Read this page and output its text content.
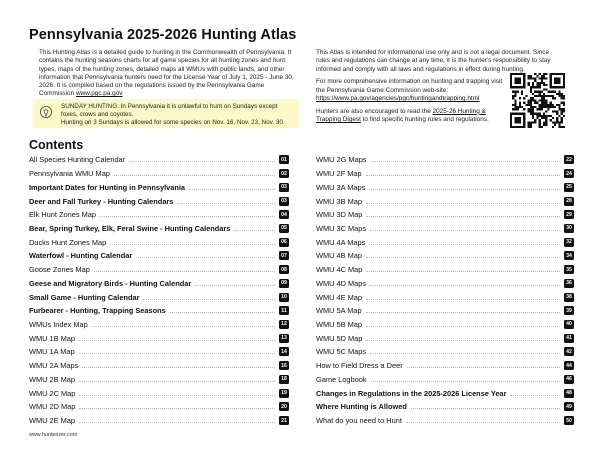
Pennsylvania 2025-2026 Hunting Atlas
This Hunting Atlas is a detailed guide to hunting in the Commonwealth of Pennsylvania. It contains the hunting seasons charts for all game species for all hunting zones and hunt types, maps of the hunting zones, detailed maps all WMUs with public lands, and other information that Pennsylvania hunters need for the License Year of July 1, 2025 - June 30, 2026. It is compiled based on the regulations issued by the Pennsylvania Game Commission www.pgc.pa.gov
SUNDAY HUNTING: In Pennsylvania it is unlawful to hunt on Sundays except foxes, crows and coyotes.
Hunting on 3 Sundays is allowed for some species on Nov. 16, Nov. 23, Nov. 30.

This Atlas is intended for informational use only and is not a legal document. Since rules and regulations can change at any time, it is the hunter's responsibility to stay informed and comply with all laws and regulations in effect during hunting.

For more comprehensive information on hunting and trapping visit the Pennsylvania Game Commission web-site:
https://www.pa.gov/agencies/pgc/huntingandtrapping.html

Hunters are also encouraged to read the 2025-26 Hunting & Trapping Digest to find specific hunting rules and regulations.

Contents
All Species Hunting Calendar	01
Pennsylvania WMU Map	02
Important Dates for Hunting in Pennsylvania	03
Deer and Fall Turkey - Hunting Calendars	03
Elk Hunt Zones Map	04
Bear, Spring Turkey, Elk, Feral Swine - Hunting Calendars	05
Ducks Hunt Zones Map	06
Waterfowl - Hunting Calendar	07
Goose Zones Map	08
Geese and Migratory Birds - Hunting Calendar	09
Small Game - Hunting Calendar	10
Furbearer - Hunting, Trapping Seasons	11
WMUs Index Map	12
WMU 1B Map	13
WMU 1A Map	14
WMU 2A Maps	16
WMU 2B Map	18
WMU 2C Map	19
WMU 2D Map	20
WMU 2E Map	21
WMU 2G Maps	22
WMU 2F Map	24
WMU 3A Maps	25
WMU 3B Map	28
WMU 3D Map	29
WMU 3C Maps	30
WMU 4A Maps	32
WMU 4B Map	34
WMU 4C Map	35
WMU 4D Maps	36
WMU 4E Map	38
WMU 5A Map	39
WMU 5B Map	40
WMU 5D Map	41
WMU 5C Maps	42
How to Field Dress a Deer	44
Game Logbook	46
Changes in Regulations in the 2025-2026 License Year	48
Where Hunting is Allowed	49
What do you need to Hunt	50
www.hunterizer.com
